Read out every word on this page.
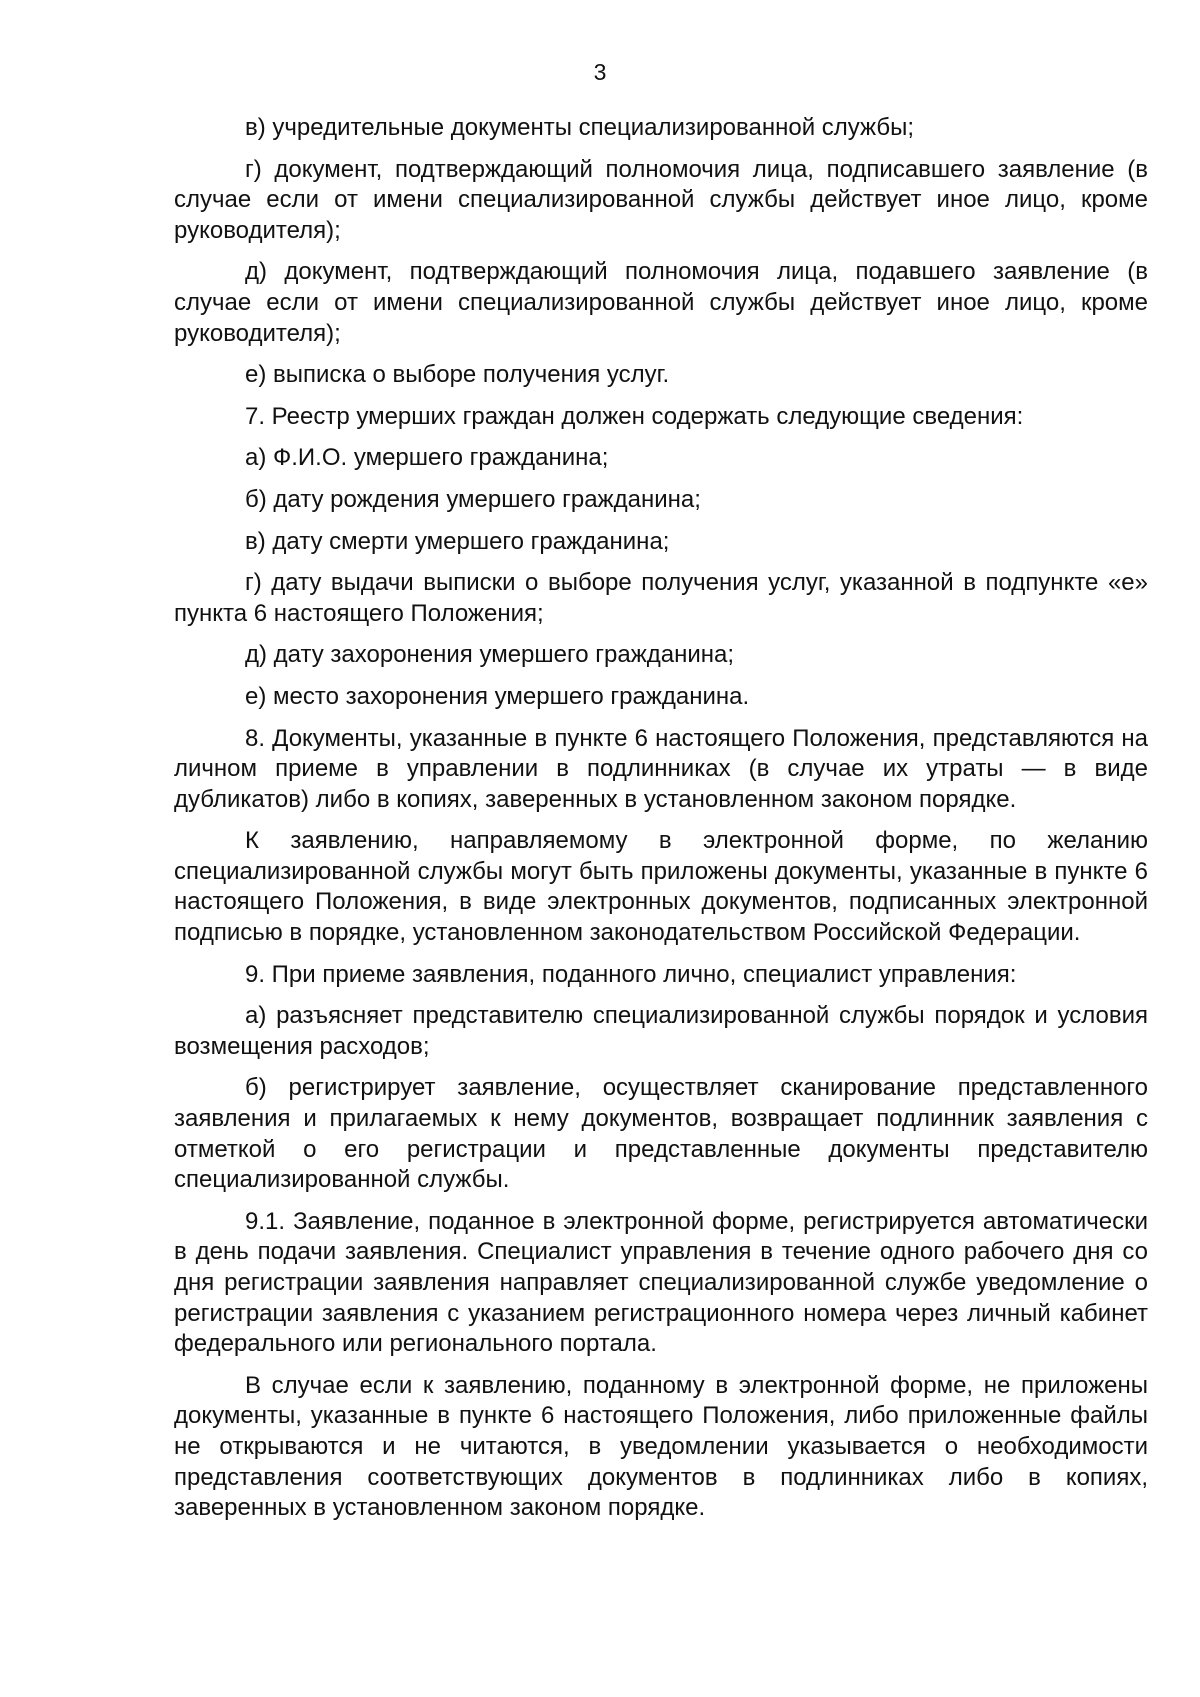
3

в) учредительные документы специализированной службы;

г) документ, подтверждающий полномочия лица, подписавшего заявление (в случае если от имени специализированной службы действует иное лицо, кроме руководителя);

д) документ, подтверждающий полномочия лица, подавшего заявление (в случае если от имени специализированной службы действует иное лицо, кроме руководителя);

е) выписка о выборе получения услуг.

7. Реестр умерших граждан должен содержать следующие сведения:

а) Ф.И.О. умершего гражданина;

б) дату рождения умершего гражданина;

в) дату смерти умершего гражданина;

г) дату выдачи выписки о выборе получения услуг, указанной в подпункте «е» пункта 6 настоящего Положения;

д) дату захоронения умершего гражданина;

е) место захоронения умершего гражданина.

8. Документы, указанные в пункте 6 настоящего Положения, представляются на личном приеме в управлении в подлинниках (в случае их утраты — в виде дубликатов) либо в копиях, заверенных в установленном законом порядке.

К заявлению, направляемому в электронной форме, по желанию специализированной службы могут быть приложены документы, указанные в пункте 6 настоящего Положения, в виде электронных документов, подписанных электронной подписью в порядке, установленном законодательством Российской Федерации.

9. При приеме заявления, поданного лично, специалист управления:

а) разъясняет представителю специализированной службы порядок и условия возмещения расходов;

б) регистрирует заявление, осуществляет сканирование представленного заявления и прилагаемых к нему документов, возвращает подлинник заявления с отметкой о его регистрации и представленные документы представителю специализированной службы.

9.1. Заявление, поданное в электронной форме, регистрируется автоматически в день подачи заявления. Специалист управления в течение одного рабочего дня со дня регистрации заявления направляет специализированной службе уведомление о регистрации заявления с указанием регистрационного номера через личный кабинет федерального или регионального портала.

В случае если к заявлению, поданному в электронной форме, не приложены документы, указанные в пункте 6 настоящего Положения, либо приложенные файлы не открываются и не читаются, в уведомлении указывается о необходимости представления соответствующих документов в подлинниках либо в копиях, заверенных в установленном законом порядке.
